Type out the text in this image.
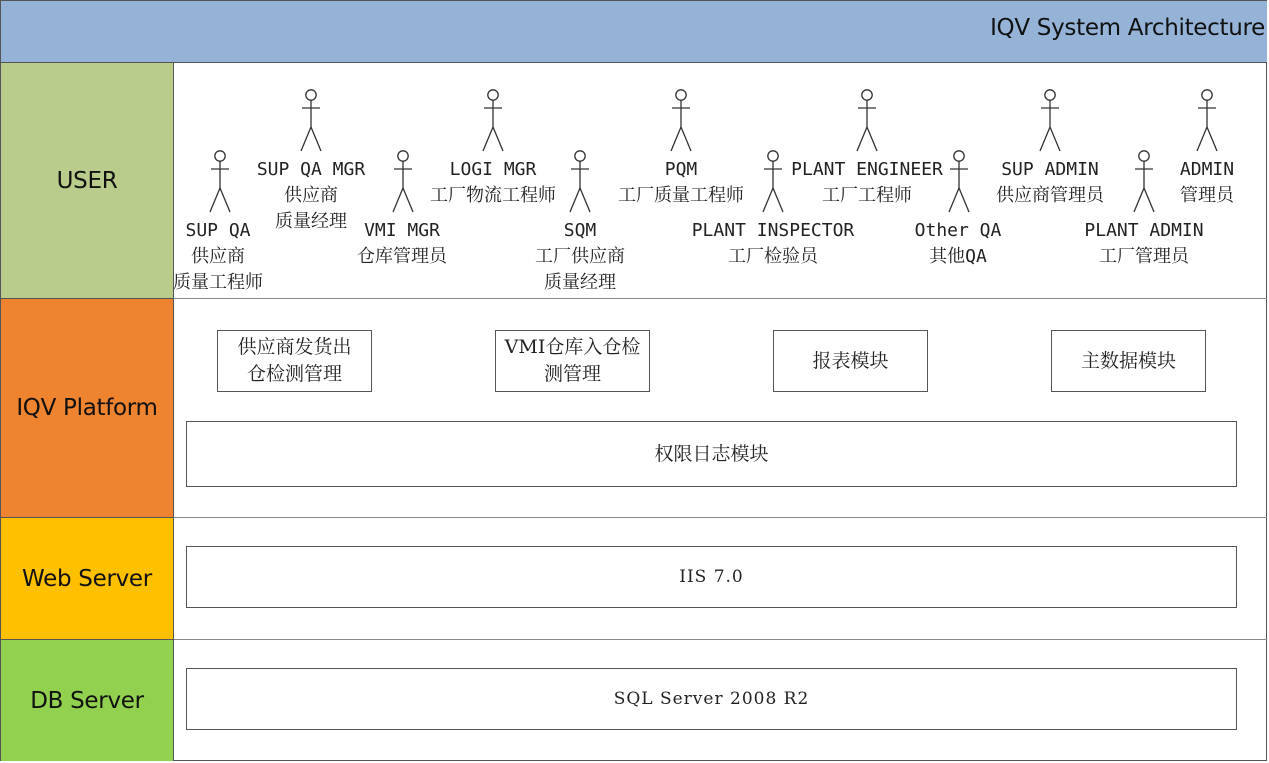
IQV System Architecture
USER
IQV Platform
Web Server
DB Server
SUP QA
供应商
质量工程师
SUP QA MGR
供应商
质量经理 VMI MGR
仓库管理员
LOGI MGR
工厂物流工程师
SQM
工厂供应商
质量经理
PQM
工厂质量工程师
PLANT INSPECTOR
工厂检验员
PLANT ENGINEER
工厂工程师
Other QA
其他QA
SUP ADMIN
供应商管理员
PLANT ADMIN
工厂管理员
ADMIN
管理员
供应商发货出
仓检测管理
VMI仓库入仓检
测管理
报表模块	主数据模块
权限日志模块
IIS 7.0
SQL Server 2008 R2
